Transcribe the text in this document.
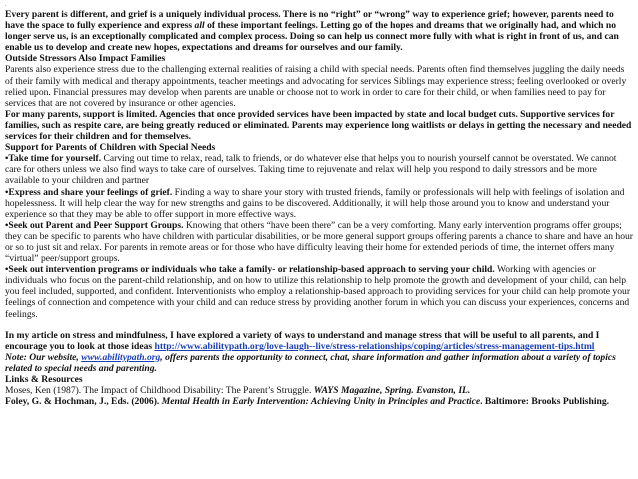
.

Every parent is different, and grief is a uniquely individual process. There is no “right” or “wrong” way to experience grief; however, parents need to have the space to fully experience and express all of these important feelings. Letting go of the hopes and dreams that we originally had, and which no longer serve us, is an exceptionally complicated and complex process. Doing so can help us connect more fully with what is right in front of us, and can enable us to develop and create new hopes, expectations and dreams for ourselves and our family.

Outside Stressors Also Impact Families

Parents also experience stress due to the challenging external realities of raising a child with special needs. Parents often find themselves juggling the daily needs of their family with medical and therapy appointments, teacher meetings and advocating for services Siblings may experience stress; feeling overlooked or overly relied upon. Financial pressures may develop when parents are unable or choose not to work in order to care for their child, or when families need to pay for services that are not covered by insurance or other agencies.

For many parents, support is limited. Agencies that once provided services have been impacted by state and local budget cuts. Supportive services for families, such as respite care, are being greatly reduced or eliminated. Parents may experience long waitlists or delays in getting the necessary and needed services for their children and for themselves.

Support for Parents of Children with Special Needs

•Take time for yourself. Carving out time to relax, read, talk to friends, or do whatever else that helps you to nourish yourself cannot be overstated. We cannot care for others unless we also find ways to take care of ourselves. Taking time to rejuvenate and relax will help you respond to daily stressors and be more available to your children and partner

•Express and share your feelings of grief. Finding a way to share your story with trusted friends, family or professionals will help with feelings of isolation and hopelessness. It will help clear the way for new strengths and gains to be discovered. Additionally, it will help those around you to know and understand your experience so that they may be able to offer support in more effective ways.

•Seek out Parent and Peer Support Groups. Knowing that others “have been there” can be a very comforting. Many early intervention programs offer groups; they can be specific to parents who have children with particular disabilities, or be more general support groups offering parents a chance to share and have an hour or so to just sit and relax. For parents in remote areas or for those who have difficulty leaving their home for extended periods of time, the internet offers many “virtual” peer/support groups.

•Seek out intervention programs or individuals who take a family- or relationship-based approach to serving your child. Working with agencies or individuals who focus on the parent-child relationship, and on how to utilize this relationship to help promote the growth and development of your child, can help you feel included, supported, and confident. Interventionists who employ a relationship-based approach to providing services for your child can help promote your feelings of connection and competence with your child and can reduce stress by providing another forum in which you can discuss your experiences, concerns and feelings.

In my article on stress and mindfulness, I have explored a variety of ways to understand and manage stress that will be useful to all parents, and I encourage you to look at those ideas http://www.abilitypath.org/love-laugh--live/stress-relationships/coping/articles/stress-management-tips.html

Note: Our website, www.abilitypath.org, offers parents the opportunity to connect, chat, share information and gather information about a variety of topics related to special needs and parenting.

Links & Resources

Moses, Ken (1987). The Impact of Childhood Disability: The Parent’s Struggle. WAYS Magazine, Spring. Evanston, IL.

Foley, G. & Hochman, J., Eds. (2006). Mental Health in Early Intervention: Achieving Unity in Principles and Practice. Baltimore: Brooks Publishing.
